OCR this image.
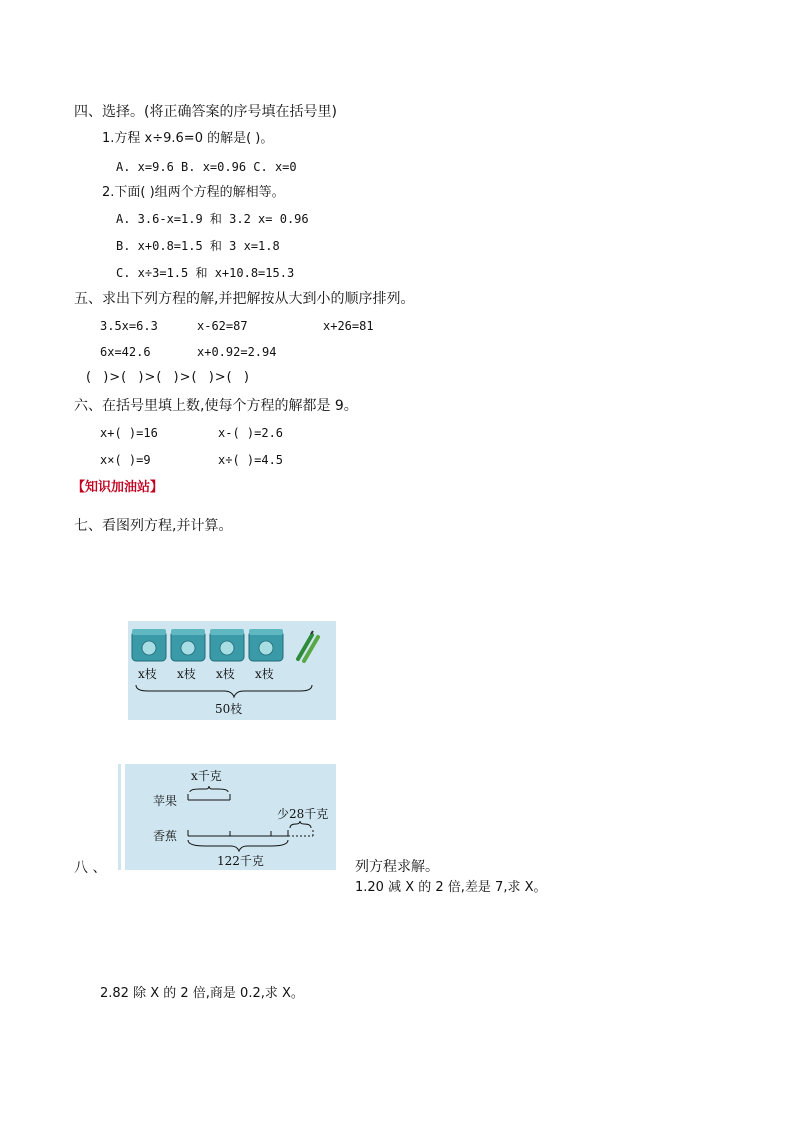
四、选择。(将正确答案的序号填在括号里)
1.方程 x÷9.6=0 的解是( )。
A. x=9.6 B. x=0.96 C. x=0
2.下面( )组两个方程的解相等。
A. 3.6-x=1.9 和 3.2 x= 0.96
B. x+0.8=1.5 和 3 x=1.8
C. x÷3=1.5 和 x+10.8=15.3
五、求出下列方程的解,并把解按从大到小的顺序排列。
3.5x=6.3	x-62=87	x+26=81
6x=42.6	x+0.92=2.94
( )>( )>( )>( )>( )
六、在括号里填上数,使每个方程的解都是 9。
x+( )=16	x-( )=2.6
x×( )=9	x÷( )=4.5
【知识加油站】
七、看图列方程,并计算。
x枝 x枝 x枝 x枝
50枝
八 、
x千克
苹果
香蕉
少28千克
122千克	列方程求解。
1.20 减 X 的 2 倍,差是 7,求 X。
2.82 除 X 的 2 倍,商是 0.2,求 X。
